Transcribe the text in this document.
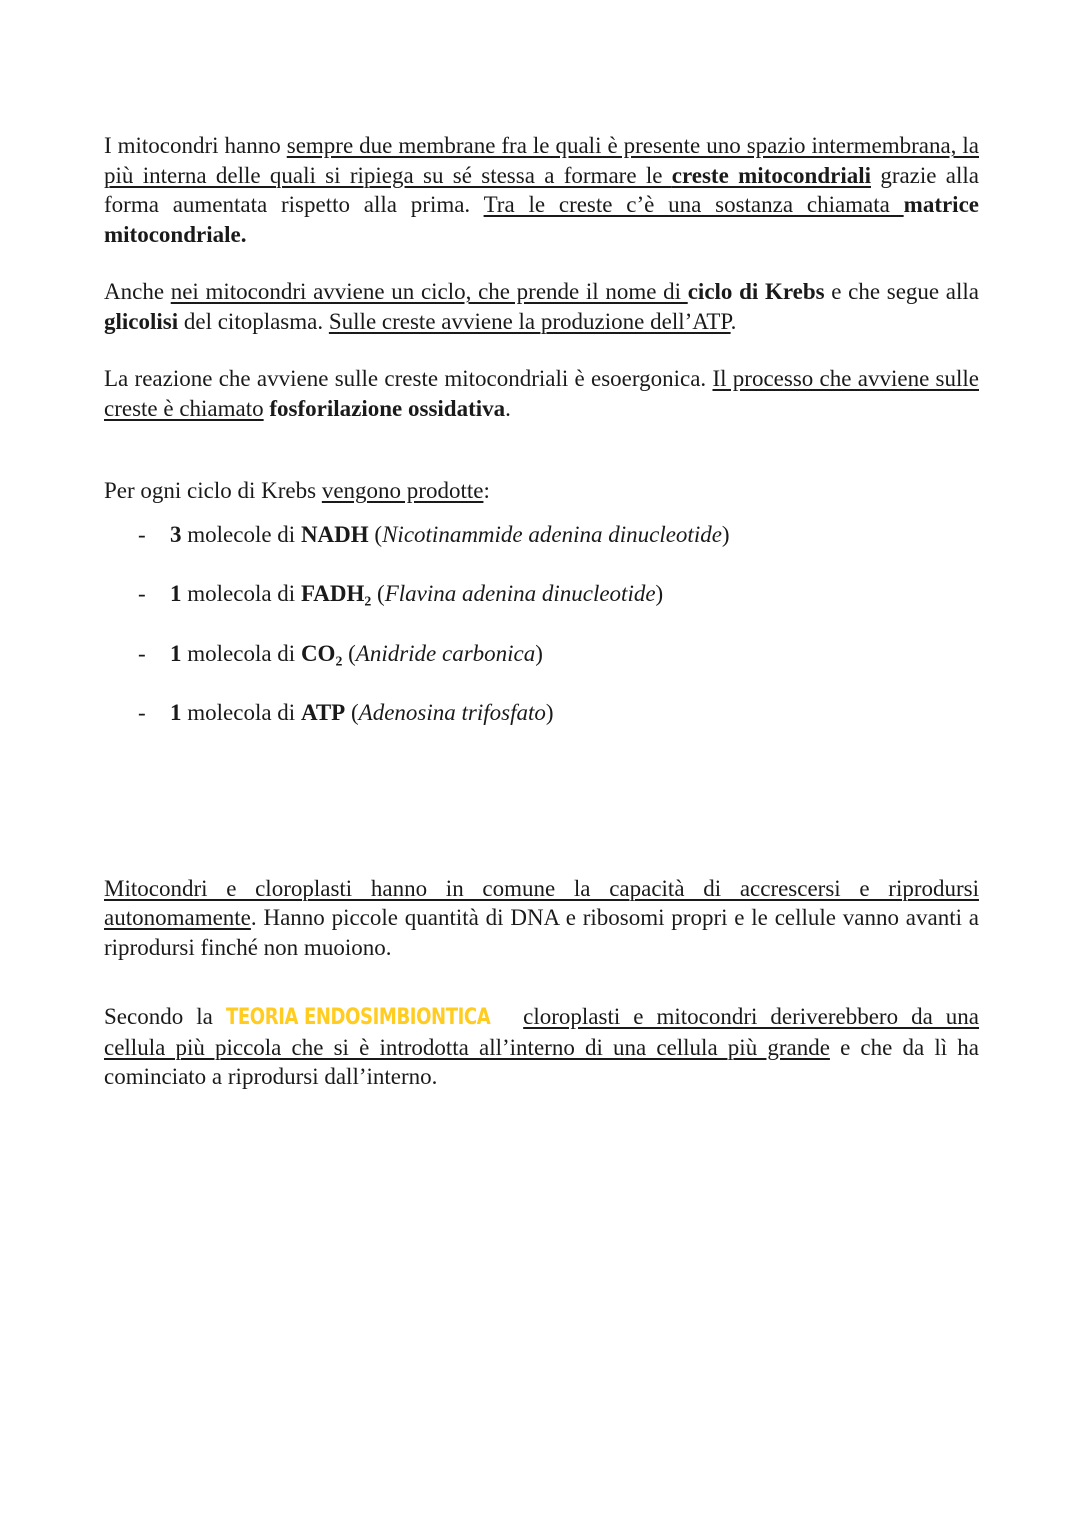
I mitocondri hanno sempre due membrane fra le quali è presente uno spazio intermembrana, la più interna delle quali si ripiega su sé stessa a formare le creste mitocondriali grazie alla forma aumentata rispetto alla prima. Tra le creste c’è una sostanza chiamata matrice mitocondriale.

Anche nei mitocondri avviene un ciclo, che prende il nome di ciclo di Krebs e che segue alla glicolisi del citoplasma. Sulle creste avviene la produzione dell’ATP.

La reazione che avviene sulle creste mitocondriali è esoergonica. Il processo che avviene sulle creste è chiamato fosforilazione ossidativa.

Per ogni ciclo di Krebs vengono prodotte:

- 3 molecole di NADH (Nicotinammide adenina dinucleotide)
- 1 molecola di FADH₂ (Flavina adenina dinucleotide)
- 1 molecola di CO₂ (Anidride carbonica)
- 1 molecola di ATP (Adenosina trifosfato)

Mitocondri e cloroplasti hanno in comune la capacità di accrescersi e riprodursi autonomamente. Hanno piccole quantità di DNA e ribosomi propri e le cellule vanno avanti a riprodursi finché non muoiono.

Secondo la TEORIA ENDOSIMBIONTICA cloroplasti e mitocondri deriverebbero da una cellula più piccola che si è introdotta all’interno di una cellula più grande e che da lì ha cominciato a riprodursi dall’interno.
